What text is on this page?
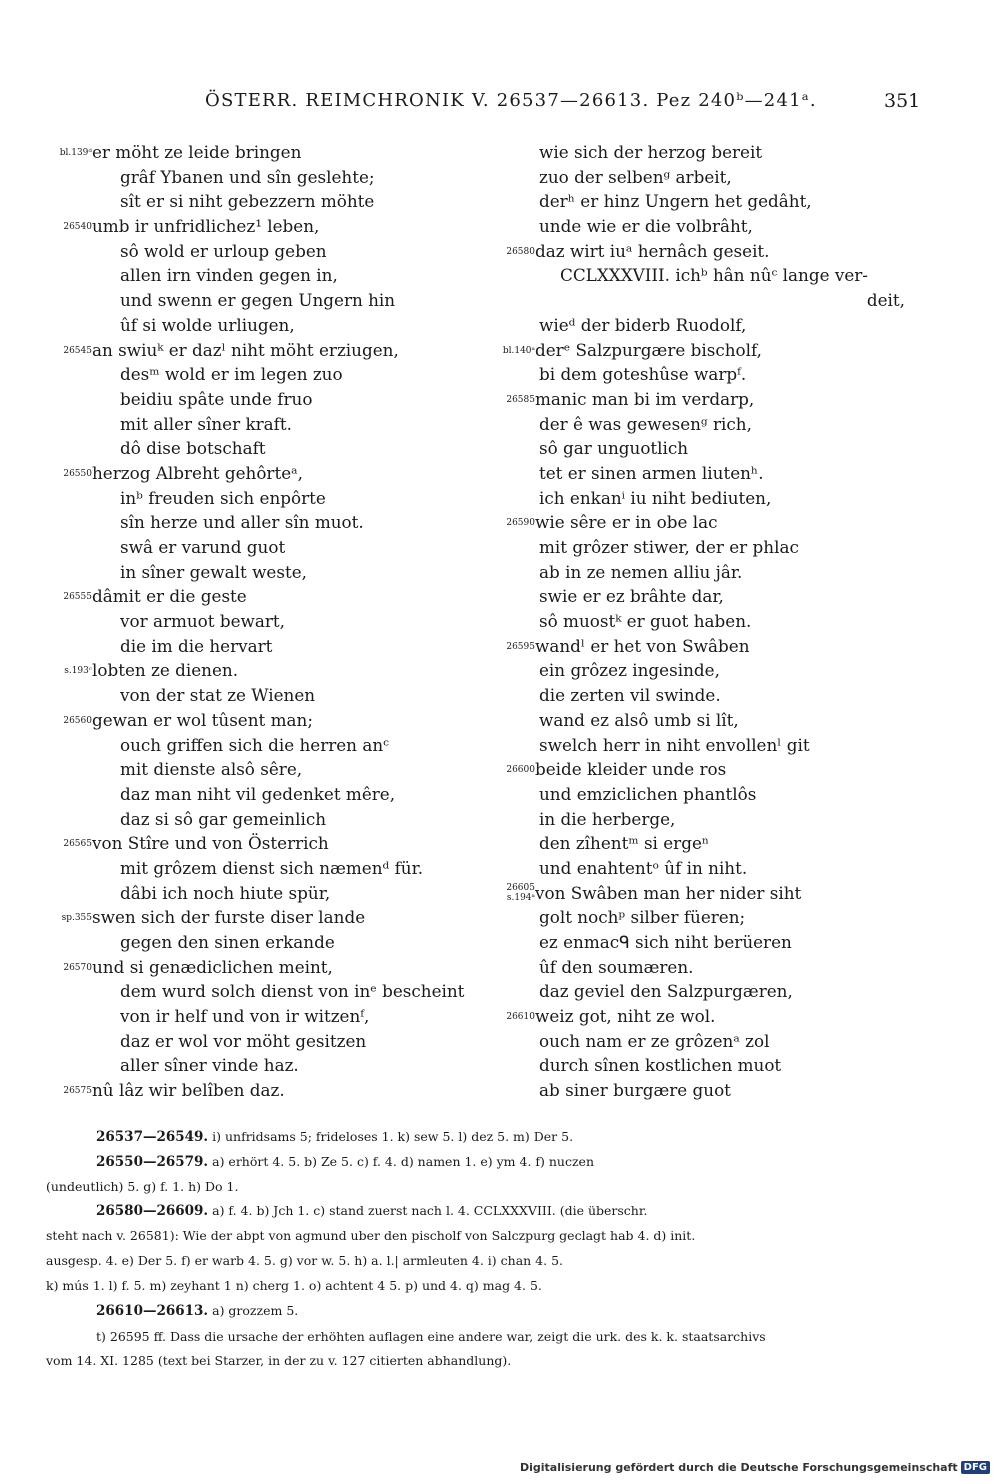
ÖSTERR. REIMCHRONIK V. 26537—26613. Pez 240ᵇ—241ᵃ.	351
bl.139ᵈ er möht ze leide bringen
grâf Ybanen und sîn geslehte;
sît er si niht gebezzern möhte
26540 umb ir unfridlichez¹ leben,
sô wold er urloup geben
allen irn vinden gegen in,
und swenn er gegen Ungern hin
ûf si wolde urliugen,
26545 an swiuᵏ er dazˡ niht möht erziugen,
desᵐ wold er im legen zuo
beidiu spâte unde fruo
mit aller sîner kraft.
dô dise botschaft
26550 herzog Albreht gehôrteᵃ,
inᵇ freuden sich enpôrte
sîn herze und aller sîn muot.
swâ er varund guot
in sîner gewalt weste,
26555 dâmit er die geste
vor armuot bewart,
die im die hervart
s.193ᶜ lobten ze dienen.
von der stat ze Wienen
26560 gewan er wol tûsent man;
ouch griffen sich die herren anᶜ
mit dienste alsô sêre,
daz man niht vil gedenket mêre,
daz si sô gar gemeinlich
26565 von Stîre und von Österrich
mit grôzem dienst sich næmenᵈ für.
dâbi ich noch hiute spür,
sp.355 swen sich der furste diser lande
gegen den sinen erkande
26570 und si genædiclichen meint,
dem wurd solch dienst von inᵉ bescheint
von ir helf und von ir witzenᶠ,
daz er wol vor möht gesitzen
aller sîner vinde haz.
26575 nû lâz wir belîben daz.
wie sich der herzog bereit
zuo der selbenᵍ arbeit,
derʰ er hinz Ungern het gedâht,
unde wie er die volbrâht,
26580 daz wirt iuᵃ hernâch geseit.
CCLXXXVIII. ichᵇ hân nûᶜ lange ver-
deit,
wieᵈ der biderb Ruodolf,
bl.140ᵃ derᵉ Salzpurgære bischolf,
bi dem goteshûse warpᶠ.
26585 manic man bi im verdarp,
der ê was gewesenᵍ rich,
sô gar unguotlich
tet er sinen armen liutenʰ.
ich enkanⁱ iu niht bediuten,
26590 wie sêre er in obe lac
mit grôzer stiwer, der er phlac
ab in ze nemen alliu jâr.
swie er ez brâhte dar,
sô muostᵏ er guot haben.
26595 wandˡ er het von Swâben
ein grôzez ingesinde,
die zerten vil swinde.
wand ez alsô umb si lît,
swelch herr in niht envollenˡ git
26600 beide kleider unde ros
und emziclichen phantlôs
in die herberge,
den zîhentᵐ si ergeⁿ
und enahtentᵒ ûf in niht.
26605
s.194ᵃ von Swâben man her nider siht
golt nochᵖ silber füeren;
ez enmacᑫ sich niht berüeren
ûf den soumæren.
daz geviel den Salzpurgæren,
26610 weiz got, niht ze wol.
ouch nam er ze grôzenᵃ zol
durch sînen kostlichen muot
ab siner burgære guot
26537—26549. i) unfridsams 5; frideloses 1. k) sew 5. l) dez 5. m) Der 5.
26550—26579. a) erhört 4. 5. b) Ze 5. c) f. 4. d) namen 1. e) ym 4. f) nuczen
(undeutlich) 5. g) f. 1. h) Do 1.
26580—26609. a) f. 4. b) Jch 1. c) stand zuerst nach l. 4. CCLXXXVIII. (die überschr.
steht nach v. 26581): Wie der abpt von agmund uber den pischolf von Salczpurg geclagt hab 4. d) init.
ausgesp. 4. e) Der 5. f) er warb 4. 5. g) vor w. 5. h) a. l.| armleuten 4. i) chan 4. 5.
k) mús 1. l) f. 5. m) zeyhant 1 n) cherg 1. o) achtent 4 5. p) und 4. q) mag 4. 5.
26610—26613. a) grozzem 5.
t) 26595 ff. Dass die ursache der erhöhten auflagen eine andere war, zeigt die urk. des k. k. staatsarchivs
vom 14. XI. 1285 (text bei Starzer, in der zu v. 127 citierten abhandlung).
Digitalisierung gefördert durch die Deutsche Forschungsgemeinschaft DFG
